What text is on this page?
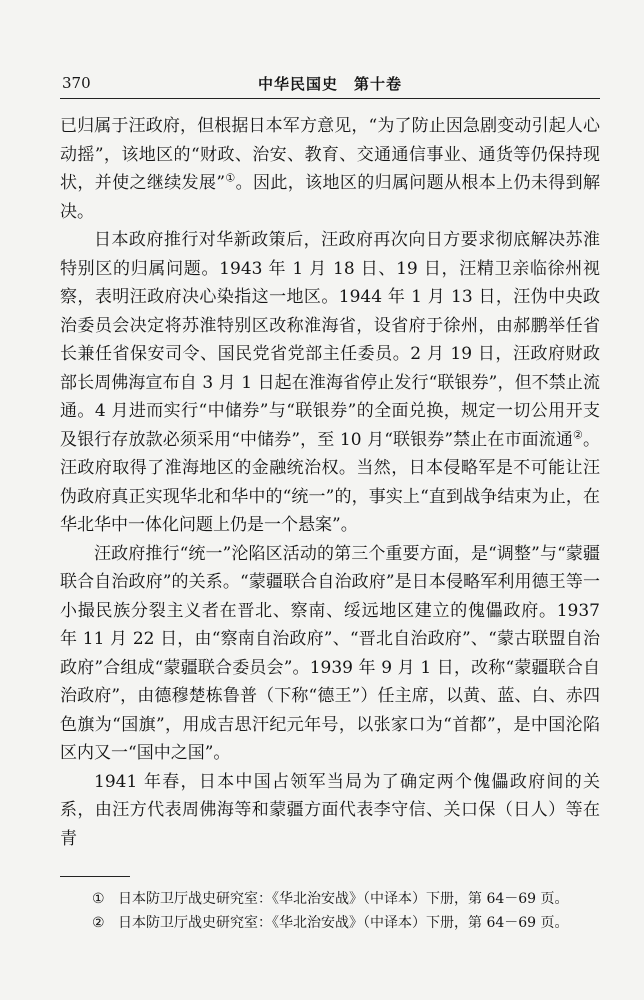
370	中华民国史　第十卷

已归属于汪政府，但根据日本军方意见，“为了防止因急剧变动引起人心动摇”，该地区的“财政、治安、教育、交通通信事业、通货等仍保持现状，并使之继续发展”①。因此，该地区的归属问题从根本上仍未得到解决。

日本政府推行对华新政策后，汪政府再次向日方要求彻底解决苏淮特别区的归属问题。1943 年 1 月 18 日、19 日，汪精卫亲临徐州视察，表明汪政府决心染指这一地区。1944 年 1 月 13 日，汪伪中央政治委员会决定将苏淮特别区改称淮海省，设省府于徐州，由郝鹏举任省长兼任省保安司令、国民党省党部主任委员。2 月 19 日，汪政府财政部长周佛海宣布自 3 月 1 日起在淮海省停止发行“联银券”，但不禁止流通。4 月进而实行“中储券”与“联银券”的全面兑换，规定一切公用开支及银行存放款必须采用“中储券”，至 10 月“联银券”禁止在市面流通②。汪政府取得了淮海地区的金融统治权。当然，日本侵略军是不可能让汪伪政府真正实现华北和华中的“统一”的，事实上“直到战争结束为止，在华北华中一体化问题上仍是一个悬案”。

汪政府推行“统一”沦陷区活动的第三个重要方面，是“调整”与“蒙疆联合自治政府”的关系。“蒙疆联合自治政府”是日本侵略军利用德王等一小撮民族分裂主义者在晋北、察南、绥远地区建立的傀儡政府。1937 年 11 月 22 日，由“察南自治政府”、“晋北自治政府”、“蒙古联盟自治政府”合组成“蒙疆联合委员会”。1939 年 9 月 1 日，改称“蒙疆联合自治政府”，由德穆楚栋鲁普（下称“德王”）任主席，以黄、蓝、白、赤四色旗为“国旗”，用成吉思汗纪元年号，以张家口为“首都”，是中国沦陷区内又一“国中之国”。

1941 年春，日本中国占领军当局为了确定两个傀儡政府间的关系，由汪方代表周佛海等和蒙疆方面代表李守信、关口保（日人）等在青

① 日本防卫厅战史研究室：《华北治安战》（中译本）下册，第 64－69 页。
② 日本防卫厅战史研究室：《华北治安战》（中译本）下册，第 64－69 页。
